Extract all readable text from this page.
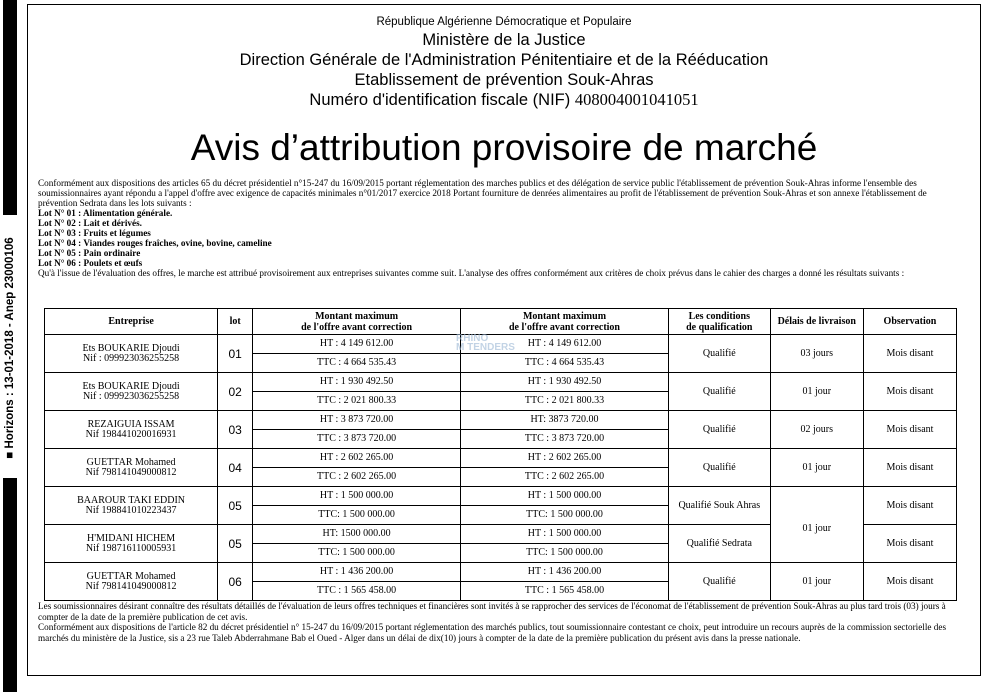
■ Horizons : 13-01-2018 - Anep 23000106
République Algérienne Démocratique et Populaire
Ministère de la Justice
Direction Générale de l'Administration Pénitentiaire et de la Rééducation
Etablissement de prévention Souk-Ahras
Numéro d'identification fiscale (NIF) 408004001041051
Avis d’attribution provisoire de marché
Conformément aux dispositions des articles 65 du décret présidentiel n°15-247 du 16/09/2015 portant réglementation des marches publics et des délégation de service public l'établissement de prévention Souk-Ahras informe l'ensemble des soumissionnaires ayant répondu a l'appel d'offre avec exigence de capacités minimales n°01/2017 exercice 2018 Portant fourniture de denrées alimentaires au profit de l'établissement de prévention Souk-Ahras et son annexe l'établissement de prévention Sedrata dans les lots suivants :
Lot N° 01 : Alimentation générale.
Lot N° 02 : Lait et dérivés.
Lot N° 03 : Fruits et légumes
Lot N° 04 : Viandes rouges fraîches, ovine, bovine, cameline
Lot N° 05 : Pain ordinaire
Lot N° 06 : Poulets et œufs
Qu'à l'issue de l'évaluation des offres, le marche est attribué provisoirement aux entreprises suivantes comme suit. L'analyse des offres conformément aux critères de choix prévus dans le cahier des charges a donné les résultats suivants :
Entreprise	lot	Montant maximum
de l'offre avant correction	Montant maximum
de l'offre avant correction	Les conditions
de qualification	Délais de livraison	Observation
Ets BOUKARIE Djoudi
Nif : 099923036255258	01	HT : 4 149 612.00	HT : 4 149 612.00	Qualifié	03 jours	Mois disant
		TTC : 4 664 535.43	TTC : 4 664 535.43			
Ets BOUKARIE Djoudi
Nif : 099923036255258	02	HT : 1 930 492.50	HT : 1 930 492.50	Qualifié	01 jour	Mois disant
		TTC : 2 021 800.33	TTC : 2 021 800.33			
REZAIGUIA ISSAM
Nif 198441020016931	03	HT : 3 873 720.00	HT: 3873 720.00	Qualifié	02 jours	Mois disant
		TTC : 3 873 720.00	TTC : 3 873 720.00			
GUETTAR Mohamed
Nif 798141049000812	04	HT : 2 602 265.00	HT : 2 602 265.00	Qualifié	01 jour	Mois disant
		TTC : 2 602 265.00	TTC : 2 602 265.00			
BAAROUR TAKI EDDIN
Nif 198841010223437	05	HT : 1 500 000.00	HT : 1 500 000.00	Qualifié Souk Ahras	01 jour	Mois disant
		TTC: 1 500 000.00	TTC: 1 500 000.00			
H'MIDANI HICHEM
Nif 198716110005931	05	HT: 1500 000.00	HT : 1 500 000.00	Qualifié Sedrata		Mois disant
		TTC: 1 500 000.00	TTC: 1 500 000.00			
GUETTAR Mohamed
Nif 798141049000812	06	HT : 1 436 200.00	HT : 1 436 200.00	Qualifié	01 jour	Mois disant
		TTC : 1 565 458.00	TTC : 1 565 458.00			
RHINO
M TENDERS
Les soumissionnaires désirant connaître des résultats détaillés de l'évaluation de leurs offres techniques et financières sont invités à se rapprocher des services de l'économat de l'établissement de prévention Souk-Ahras au plus tard trois (03) jours à compter de la date de la première publication de cet avis.
Conformément aux dispositions de l'article 82 du décret présidentiel n° 15-247 du 16/09/2015 portant réglementation des marchés publics, tout soumissionnaire contestant ce choix, peut introduire un recours auprès de la commission sectorielle des marchés du ministère de la Justice, sis a 23 rue Taleb Abderrahmane Bab el Oued - Alger dans un délai de dix(10) jours à compter de la date de la première publication du présent avis dans la presse nationale.
